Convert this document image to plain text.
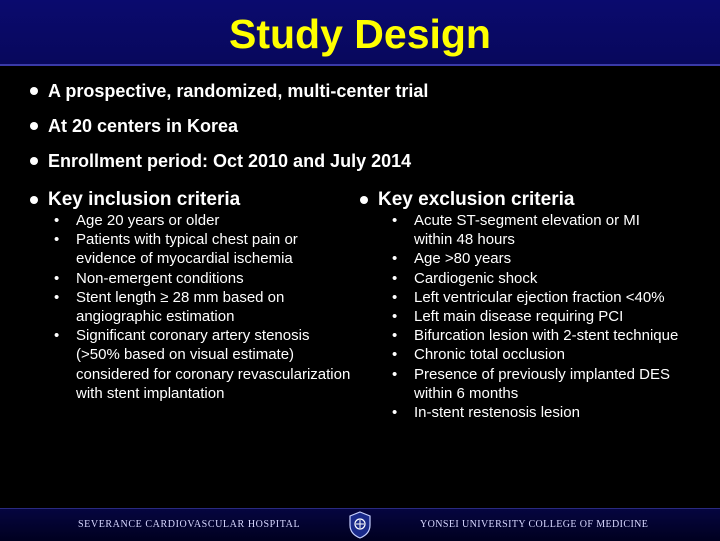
Study Design
A prospective, randomized, multi-center trial
At 20 centers in Korea
Enrollment period: Oct 2010 and July 2014
Key inclusion criteria
•	Age 20 years or older
•	Patients with typical chest pain or evidence of myocardial ischemia
•	Non-emergent conditions
•	Stent length ≥ 28 mm based on angiographic estimation
•	Significant coronary artery stenosis (>50% based on visual estimate) considered for coronary revascularization with stent implantation
Key exclusion criteria
•	Acute ST-segment elevation or MI within 48 hours
•	Age >80 years
•	Cardiogenic shock
•	Left ventricular ejection fraction <40%
•	Left main disease requiring PCI
•	Bifurcation lesion with 2-stent technique
•	Chronic total occlusion
•	Presence of previously implanted DES within 6 months
•	In-stent restenosis lesion
SEVERANCE CARDIOVASCULAR HOSPITAL	YONSEI UNIVERSITY COLLEGE OF MEDICINE
